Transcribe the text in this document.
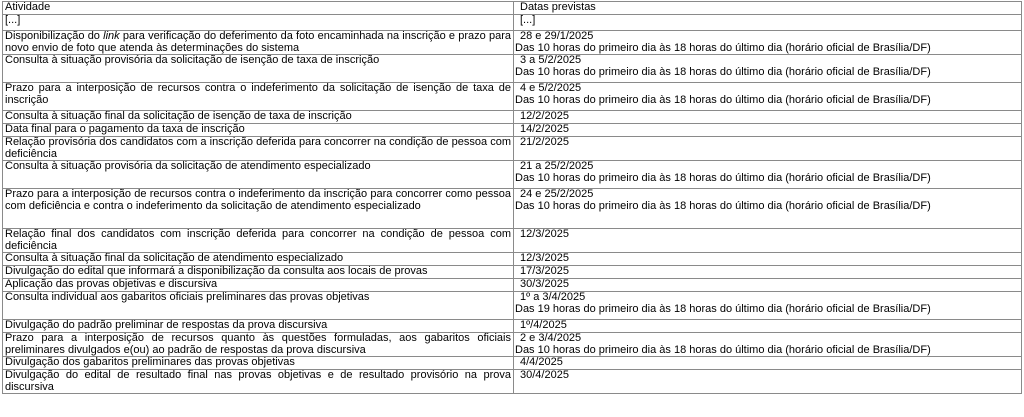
Atividade	Datas previstas
[...]	[...]

Disponibilização do link para verificação do deferimento da foto encaminhada na inscrição e prazo para novo envio de foto que atenda às determinações do sistema	28 e 29/1/2025
Das 10 horas do primeiro dia às 18 horas do último dia (horário oficial de Brasília/DF)

Consulta à situação provisória da solicitação de isenção de taxa de inscrição	3 a 5/2/2025
Das 10 horas do primeiro dia às 18 horas do último dia (horário oficial de Brasília/DF)

Prazo para a interposição de recursos contra o indeferimento da solicitação de isenção de taxa de inscrição	4 e 5/2/2025
Das 10 horas do primeiro dia às 18 horas do último dia (horário oficial de Brasília/DF)

Consulta à situação final da solicitação de isenção de taxa de inscrição	12/2/2025

Data final para o pagamento da taxa de inscrição	14/2/2025

Relação provisória dos candidatos com a inscrição deferida para concorrer na condição de pessoa com deficiência	21/2/2025

Consulta à situação provisória da solicitação de atendimento especializado	21 a 25/2/2025
Das 10 horas do primeiro dia às 18 horas do último dia (horário oficial de Brasília/DF)

Prazo para a interposição de recursos contra o indeferimento da inscrição para concorrer como pessoa com deficiência e contra o indeferimento da solicitação de atendimento especializado	24 e 25/2/2025
Das 10 horas do primeiro dia às 18 horas do último dia (horário oficial de Brasília/DF)

Relação final dos candidatos com inscrição deferida para concorrer na condição de pessoa com deficiência	12/3/2025

Consulta à situação final da solicitação de atendimento especializado	12/3/2025

Divulgação do edital que informará a disponibilização da consulta aos locais de provas	17/3/2025

Aplicação das provas objetivas e discursiva	30/3/2025

Consulta individual aos gabaritos oficiais preliminares das provas objetivas	1º a 3/4/2025
Das 19 horas do primeiro dia às 18 horas do último dia (horário oficial de Brasília/DF)

Divulgação do padrão preliminar de respostas da prova discursiva	1º/4/2025

Prazo para a interposição de recursos quanto às questões formuladas, aos gabaritos oficiais preliminares divulgados e(ou) ao padrão de respostas da prova discursiva	2 e 3/4/2025
Das 10 horas do primeiro dia às 18 horas do último dia (horário oficial de Brasília/DF)

Divulgação dos gabaritos preliminares das provas objetivas	4/4/2025

Divulgação do edital de resultado final nas provas objetivas e de resultado provisório na prova discursiva	30/4/2025
